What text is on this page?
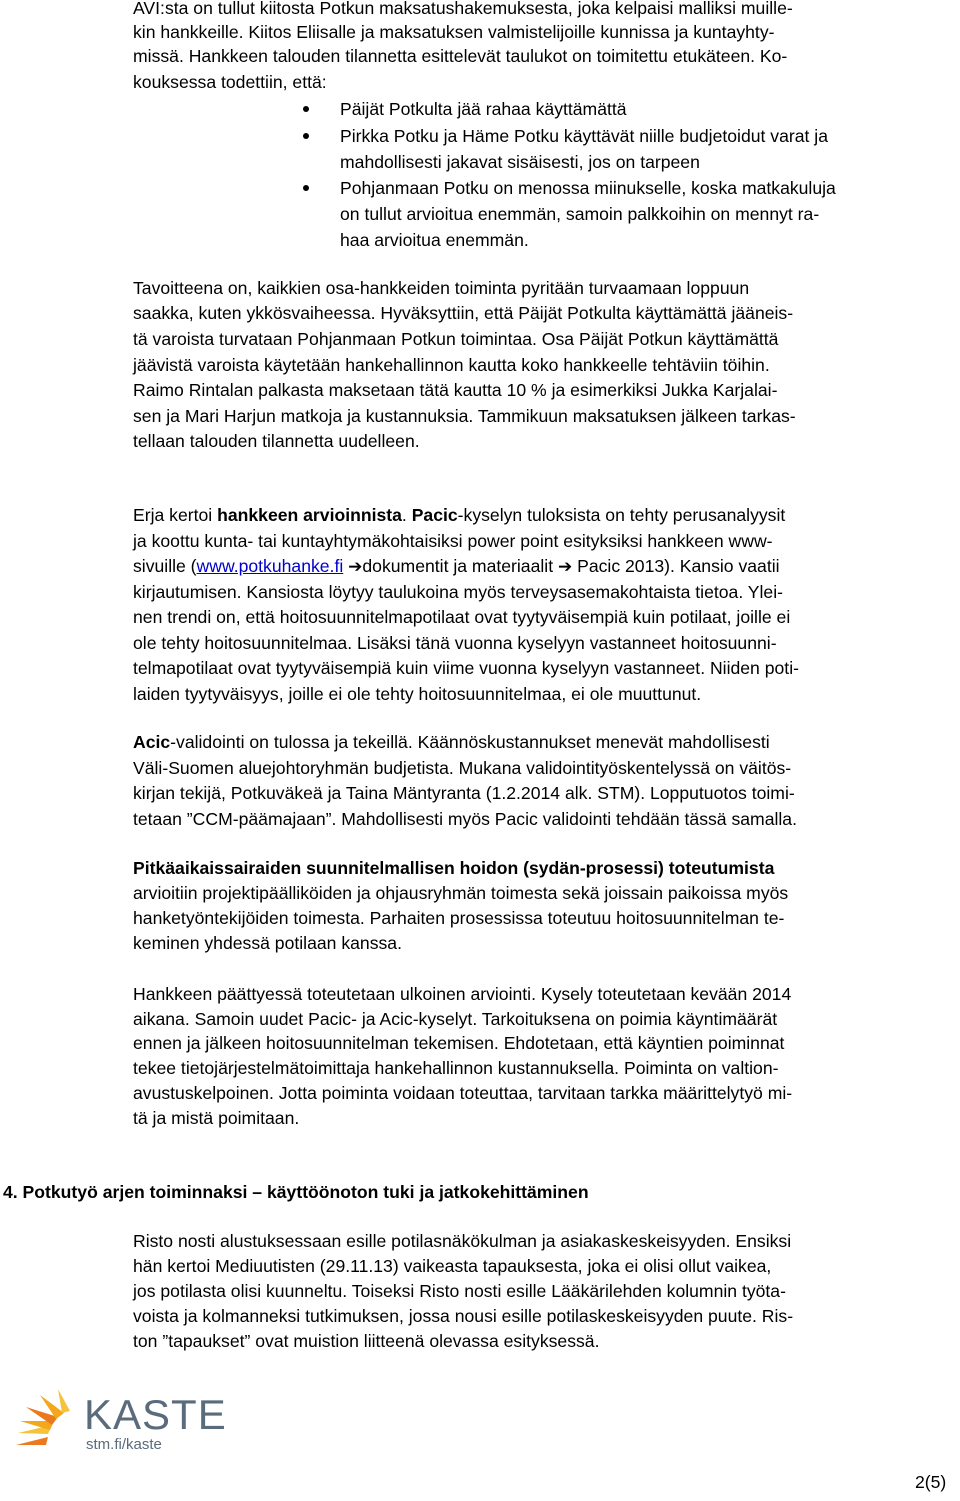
AVI:sta on tullut kiitosta Potkun maksatushakemuksesta, joka kelpaisi malliksi muille-
kin hankkeille. Kiitos Eliisalle ja maksatuksen valmistelijoille kunnissa ja kuntayhty-
missä. Hankkeen talouden tilannetta esittelevät taulukot on toimitettu etukäteen. Ko-
kouksessa todettiin, että:
Päijät Potkulta jää rahaa käyttämättä
Pirkka Potku ja Häme Potku käyttävät niille budjetoidut varat ja
mahdollisesti jakavat sisäisesti, jos on tarpeen
Pohjanmaan Potku on menossa miinukselle, koska matkakuluja
on tullut arvioitua enemmän, samoin palkkoihin on mennyt ra-
haa arvioitua enemmän.
Tavoitteena on, kaikkien osa-hankkeiden toiminta pyritään turvaamaan loppuun
saakka, kuten ykkösvaiheessa. Hyväksyttiin, että Päijät Potkulta käyttämättä jääneis-
tä varoista turvataan Pohjanmaan Potkun toimintaa. Osa Päijät Potkun käyttämättä
jäävistä varoista käytetään hankehallinnon kautta koko hankkeelle tehtäviin töihin.
Raimo Rintalan palkasta maksetaan tätä kautta 10 % ja esimerkiksi Jukka Karjalai-
sen ja Mari Harjun matkoja ja kustannuksia. Tammikuun maksatuksen jälkeen tarkas-
tellaan talouden tilannetta uudelleen.
Erja kertoi hankkeen arvioinnista. Pacic-kyselyn tuloksista on tehty perusanalyysit
ja koottu kunta- tai kuntayhtymäkohtaisiksi power point esityksiksi hankkeen www-
sivuille (www.potkuhanke.fi ➔dokumentit ja materiaalit ➔ Pacic 2013). Kansio vaatii
kirjautumisen. Kansiosta löytyy taulukoina myös terveysasemakohtaista tietoa. Ylei-
nen trendi on, että hoitosuunnitelmapotilaat ovat tyytyväisempiä kuin potilaat, joille ei
ole tehty hoitosuunnitelmaa. Lisäksi tänä vuonna kyselyyn vastanneet hoitosuunni-
telmapotilaat ovat tyytyväisempiä kuin viime vuonna kyselyyn vastanneet. Niiden poti-
laiden tyytyväisyys, joille ei ole tehty hoitosuunnitelmaa, ei ole muuttunut.
Acic-validointi on tulossa ja tekeillä. Käännöskustannukset menevät mahdollisesti
Väli-Suomen aluejohtoryhmän budjetista. Mukana validointityöskentelyssä on väitös-
kirjan tekijä, Potkuväkeä ja Taina Mäntyranta (1.2.2014 alk. STM). Lopputuotos toimi-
tetaan ”CCM-päämajaan”. Mahdollisesti myös Pacic validointi tehdään tässä samalla.
Pitkäaikaissairaiden suunnitelmallisen hoidon (sydän-prosessi) toteutumista
arvioitiin projektipäälliköiden ja ohjausryhmän toimesta sekä joissain paikoissa myös
hanketyöntekijöiden toimesta. Parhaiten prosessissa toteutuu hoitosuunnitelman te-
keminen yhdessä potilaan kanssa.
Hankkeen päättyessä toteutetaan ulkoinen arviointi. Kysely toteutetaan kevään 2014
aikana. Samoin uudet Pacic- ja Acic-kyselyt. Tarkoituksena on poimia käyntimäärät
ennen ja jälkeen hoitosuunnitelman tekemisen. Ehdotetaan, että käyntien poiminnat
tekee tietojärjestelmätoimittaja hankehallinnon kustannuksella. Poiminta on valtion-
avustuskelpoinen. Jotta poiminta voidaan toteuttaa, tarvitaan tarkka määrittelytyö mi-
tä ja mistä poimitaan.
4. Potkutyö arjen toiminnaksi – käyttöönoton tuki ja jatkokehittäminen
Risto nosti alustuksessaan esille potilasnäkökulman ja asiakaskeskeisyyden. Ensiksi
hän kertoi Mediuutisten (29.11.13) vaikeasta tapauksesta, joka ei olisi ollut vaikea,
jos potilasta olisi kuunneltu. Toiseksi Risto nosti esille Lääkärilehden kolumnin työta-
voista ja kolmanneksi tutkimuksen, jossa nousi esille potilaskeskeisyyden puute. Ris-
ton ”tapaukset” ovat muistion liitteenä olevassa esityksessä.
KASTE
stm.fi/kaste
2(5)
